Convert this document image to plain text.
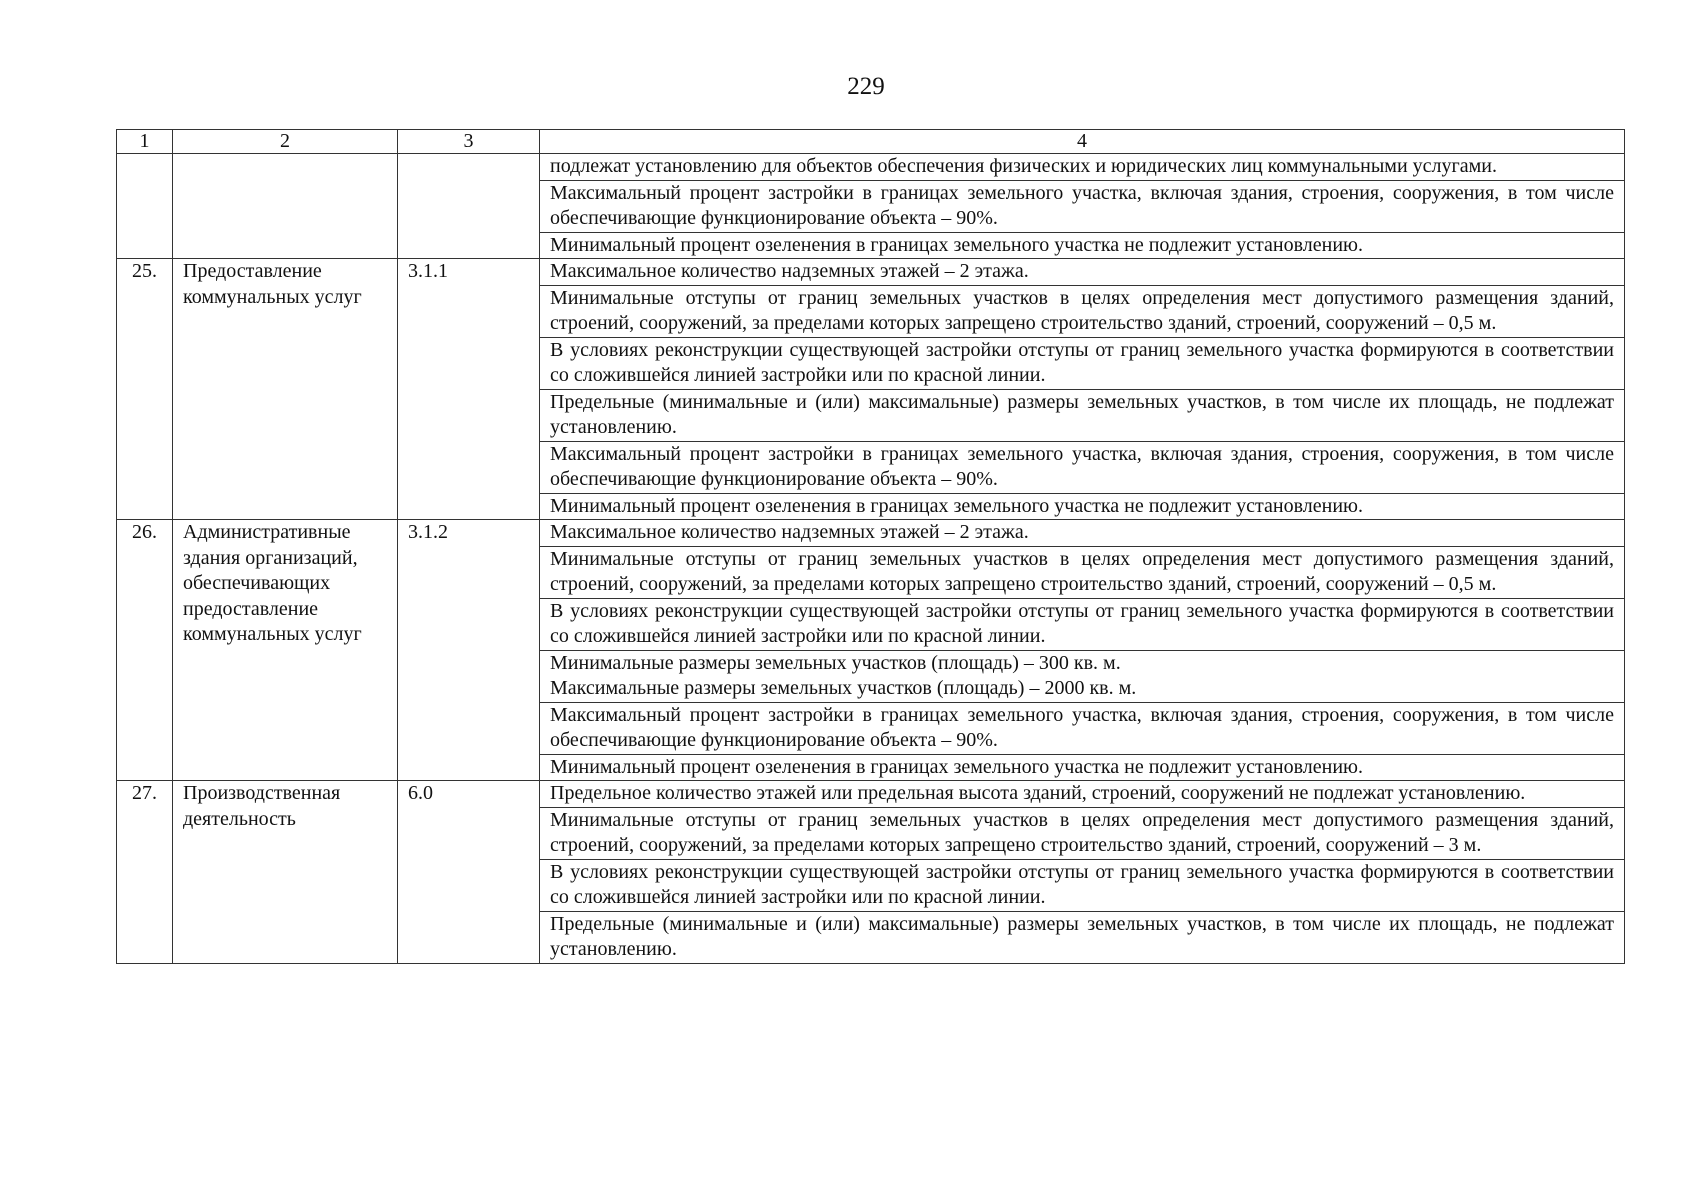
229
1	2	3	4
			подлежат установлению для объектов обеспечения физических и юридических лиц коммунальными услугами.
			Максимальный процент застройки в границах земельного участка, включая здания, строения, сооружения, в том числе обеспечивающие функционирование объекта – 90%.
			Минимальный процент озеленения в границах земельного участка не подлежит установлению.
25.	Предоставление коммунальных услуг	3.1.1	Максимальное количество надземных этажей – 2 этажа.
			Минимальные отступы от границ земельных участков в целях определения мест допустимого размещения зданий, строений, сооружений, за пределами которых запрещено строительство зданий, строений, сооружений – 0,5 м.
			В условиях реконструкции существующей застройки отступы от границ земельного участка формируются в соответствии со сложившейся линией застройки или по красной линии.
			Предельные (минимальные и (или) максимальные) размеры земельных участков, в том числе их площадь, не подлежат установлению.
			Максимальный процент застройки в границах земельного участка, включая здания, строения, сооружения, в том числе обеспечивающие функционирование объекта – 90%.
			Минимальный процент озеленения в границах земельного участка не подлежит установлению.
26.	Административные здания организаций, обеспечивающих предоставление коммунальных услуг	3.1.2	Максимальное количество надземных этажей – 2 этажа.
			Минимальные отступы от границ земельных участков в целях определения мест допустимого размещения зданий, строений, сооружений, за пределами которых запрещено строительство зданий, строений, сооружений – 0,5 м.
			В условиях реконструкции существующей застройки отступы от границ земельного участка формируются в соответствии со сложившейся линией застройки или по красной линии.
			Минимальные размеры земельных участков (площадь) – 300 кв. м.
Максимальные размеры земельных участков (площадь) – 2000 кв. м.
			Максимальный процент застройки в границах земельного участка, включая здания, строения, сооружения, в том числе обеспечивающие функционирование объекта – 90%.
			Минимальный процент озеленения в границах земельного участка не подлежит установлению.
27.	Производственная деятельность	6.0	Предельное количество этажей или предельная высота зданий, строений, сооружений не подлежат установлению.
			Минимальные отступы от границ земельных участков в целях определения мест допустимого размещения зданий, строений, сооружений, за пределами которых запрещено строительство зданий, строений, сооружений – 3 м.
			В условиях реконструкции существующей застройки отступы от границ земельного участка формируются в соответствии со сложившейся линией застройки или по красной линии.
			Предельные (минимальные и (или) максимальные) размеры земельных участков, в том числе их площадь, не подлежат установлению.
